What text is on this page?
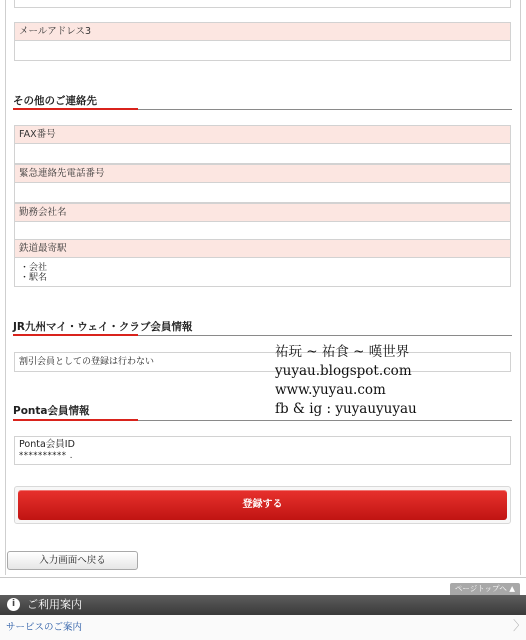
メールアドレス3
その他のご連絡先
FAX番号
緊急連絡先電話番号
勤務会社名
鉄道最寄駅
・会社
・駅名
JR九州マイ・ウェイ・クラブ会員情報
割引会員としての登録は行わない
Ponta会員情報
Ponta会員ID
********** .
登録する
祐玩 ~ 祐食 ~ 嘆世界
yuyau.blogspot.com
www.yuyau.com
fb & ig : yuyauyuyau
入力画面へ戻る
ページトップへ ▲
i	ご利用案内
サービスのご案内	〉
